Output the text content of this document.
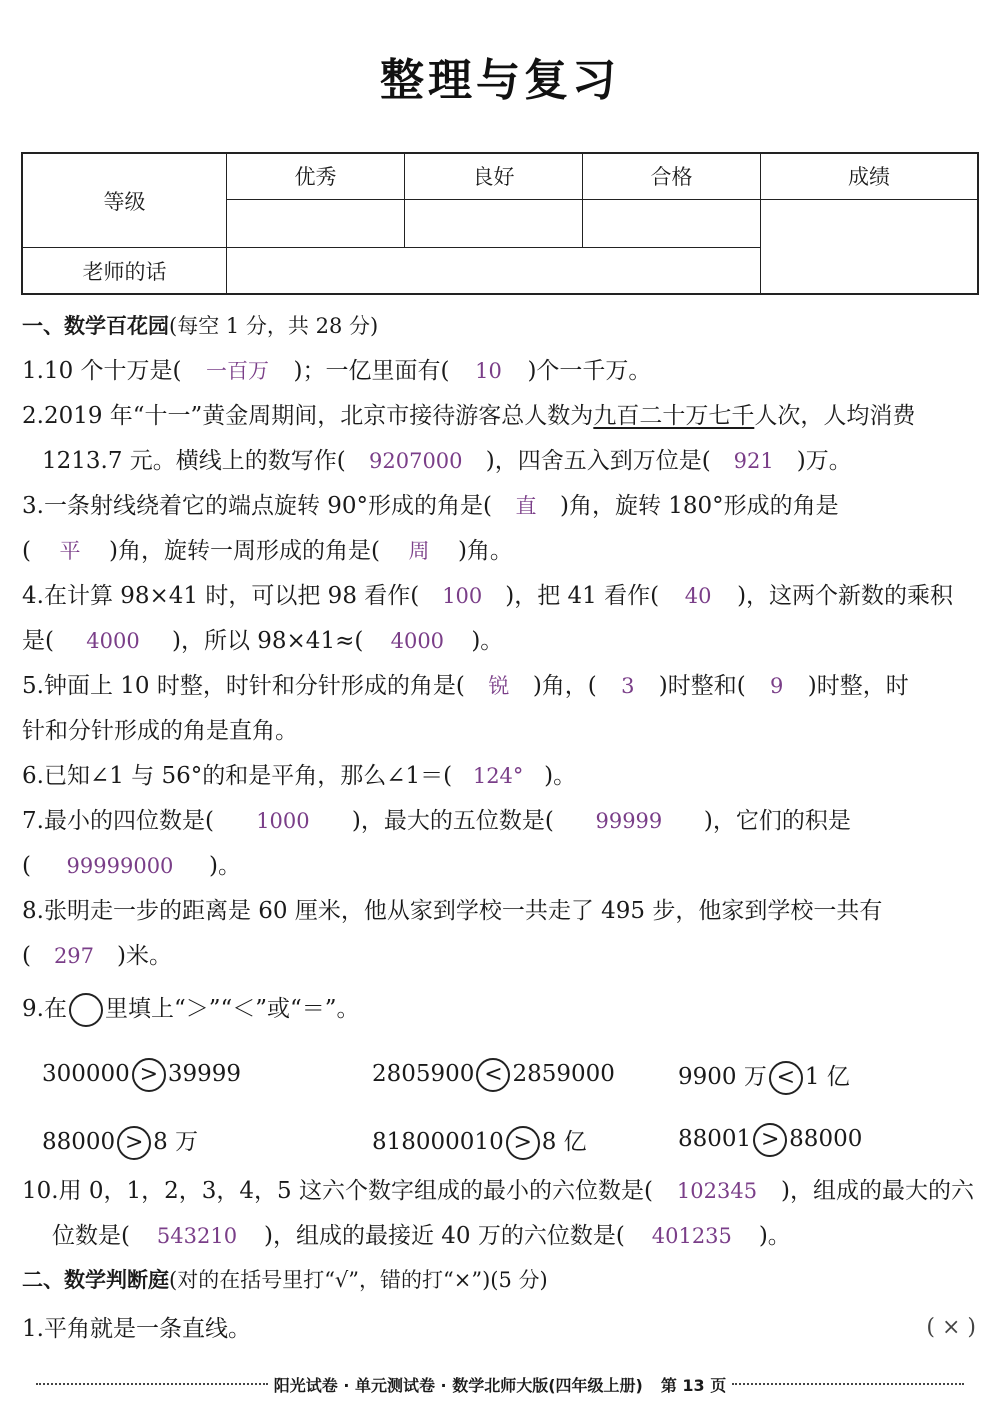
整理与复习
等级	优秀	良好	合格	成绩

老师的话				
一、数学百花园(每空 1 分，共 28 分)
1.10 个十万是( 一百万 )；一亿里面有( 10 )个一千万。
2.2019 年“十一”黄金周期间，北京市接待游客总人数为九百二十万七千人次，人均消费
1213.7 元。横线上的数写作( 9207000 )，四舍五入到万位是( 921 )万。
3.一条射线绕着它的端点旋转 90°形成的角是( 直 )角，旋转 180°形成的角是
( 平 )角，旋转一周形成的角是( 周 )角。
4.在计算 98×41 时，可以把 98 看作( 100 )，把 41 看作( 40 )，这两个新数的乘积
是( 4000 )，所以 98×41≈( 4000 )。
5.钟面上 10 时整，时针和分针形成的角是( 锐 )角，( 3 )时整和( 9 )时整，时
针和分针形成的角是直角。
6.已知∠1 与 56°的和是平角，那么∠1＝( 124° )。
7.最小的四位数是( 1000 )，最大的五位数是( 99999 )，它们的积是
( 99999000 )。
8.张明走一步的距离是 60 厘米，他从家到学校一共走了 495 步，他家到学校一共有
( 297 )米。
9.在 里填上“＞”“＜”或“＝”。
300000 > 39999	2805900 < 2859000	9900 万 < 1 亿
88000 > 8 万	818000010 > 8 亿	88001 > 88000
10.用 0，1，2，3，4，5 这六个数字组成的最小的六位数是( 102345 )，组成的最大的六
位数是( 543210 )，组成的最接近 40 万的六位数是( 401235 )。
二、数学判断庭(对的在括号里打“√”，错的打“×”)(5 分)
1.平角就是一条直线。	( × )
阳光试卷 · 单元测试卷 · 数学北师大版(四年级上册) 第 13 页
